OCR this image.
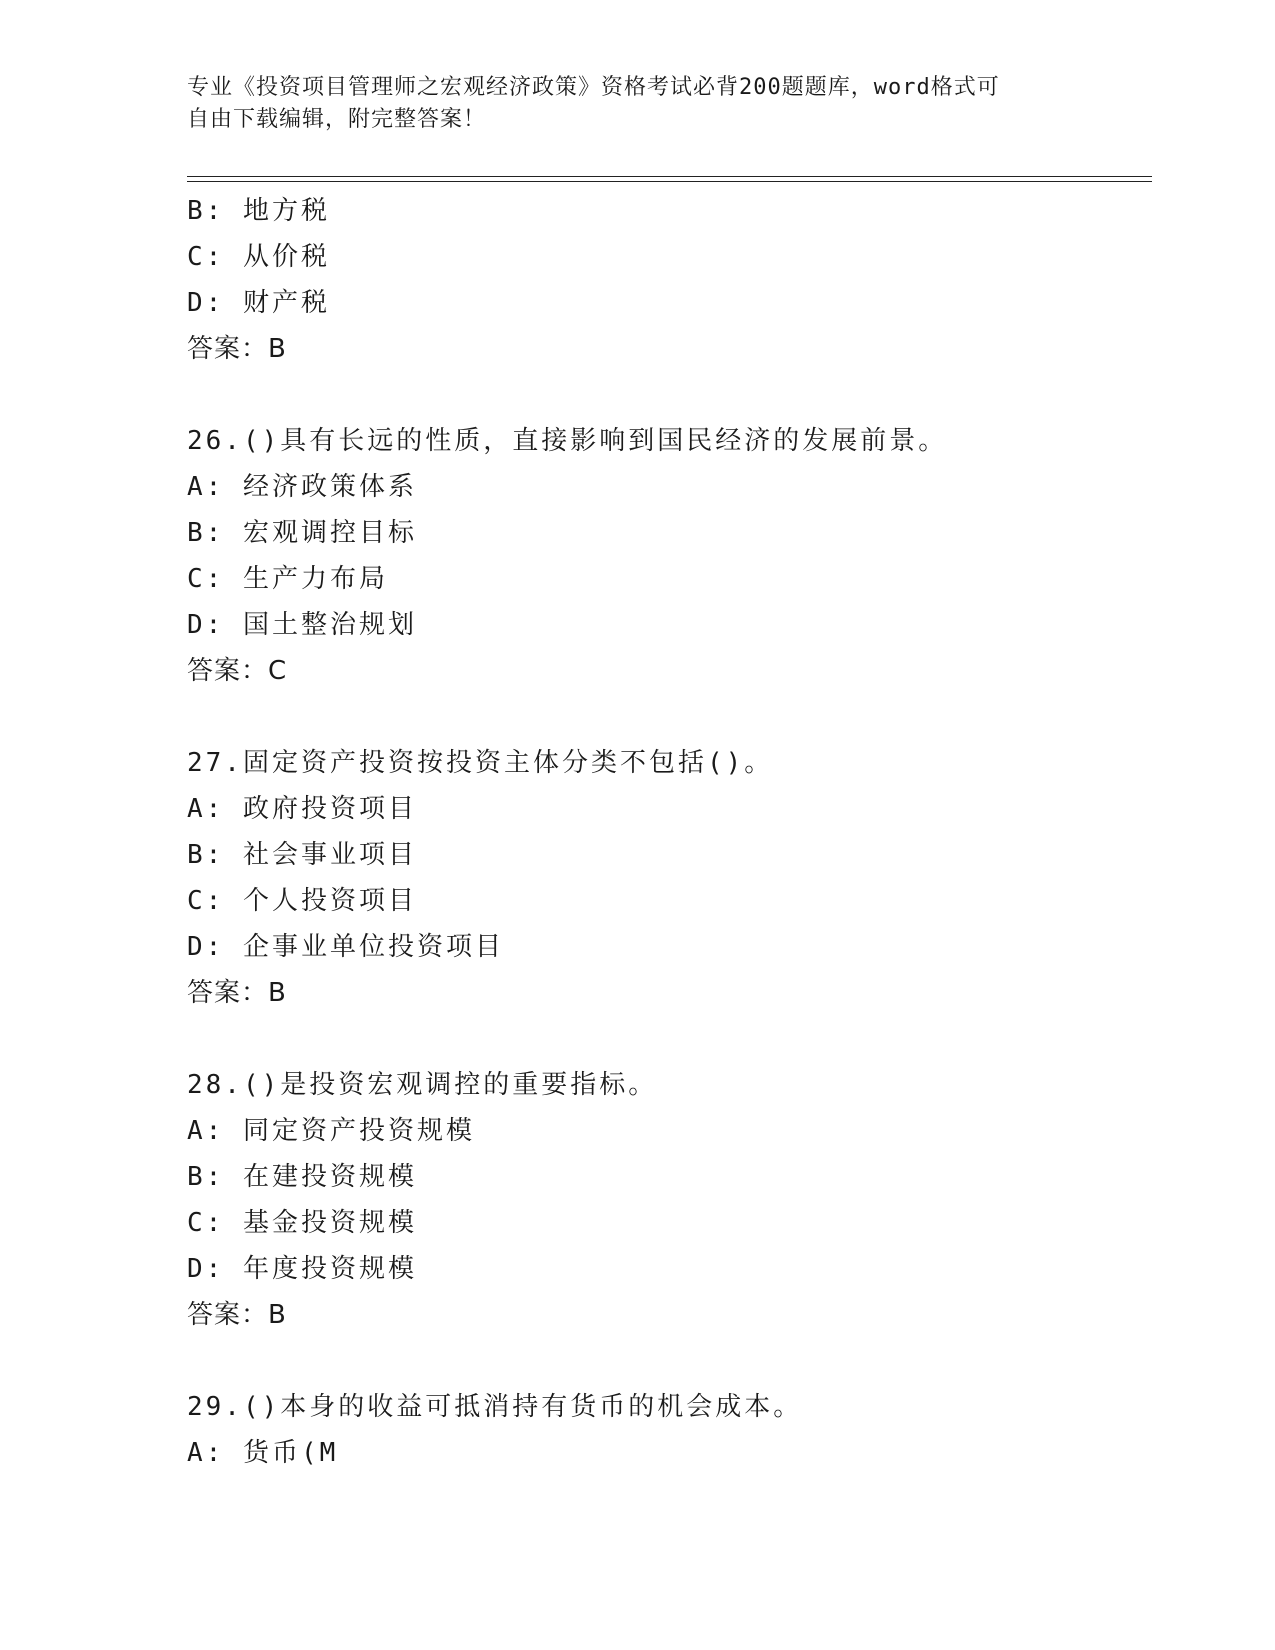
专业《投资项目管理师之宏观经济政策》资格考试必背200题题库，word格式可
自由下载编辑，附完整答案！
B: 地方税
C: 从价税
D: 财产税
答案：B
26.()具有长远的性质，直接影响到国民经济的发展前景。
A: 经济政策体系
B: 宏观调控目标
C: 生产力布局
D: 国土整治规划
答案：C
27.固定资产投资按投资主体分类不包括()。
A: 政府投资项目
B: 社会事业项目
C: 个人投资项目
D: 企事业单位投资项目
答案：B
28.()是投资宏观调控的重要指标。
A: 同定资产投资规模
B: 在建投资规模
C: 基金投资规模
D: 年度投资规模
答案：B
29.()本身的收益可抵消持有货币的机会成本。
A: 货币(M
